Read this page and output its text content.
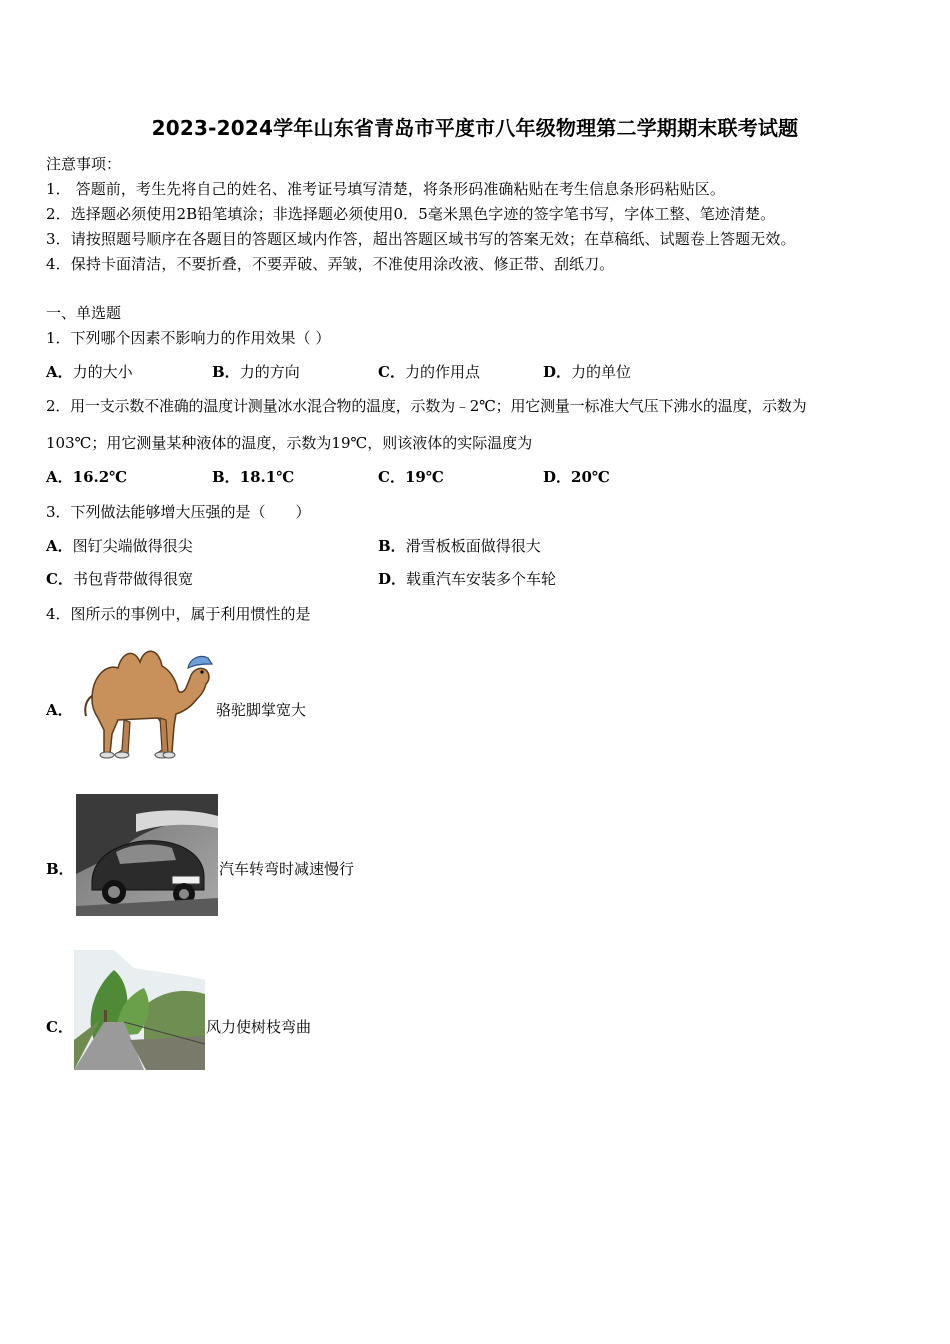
2023-2024学年山东省青岛市平度市八年级物理第二学期期末联考试题
注意事项：
1． 答题前，考生先将自己的姓名、准考证号填写清楚，将条形码准确粘贴在考生信息条形码粘贴区。
2．选择题必须使用2B铅笔填涂；非选择题必须使用0．5毫米黑色字迹的签字笔书写，字体工整、笔迹清楚。
3．请按照题号顺序在各题目的答题区域内作答，超出答题区域书写的答案无效；在草稿纸、试题卷上答题无效。
4．保持卡面清洁，不要折叠，不要弄破、弄皱，不准使用涂改液、修正带、刮纸刀。
一、单选题
1．下列哪个因素不影响力的作用效果（ ）
A．力的大小	B．力的方向	C．力的作用点	D．力的单位
2．用一支示数不准确的温度计测量冰水混合物的温度，示数为﹣2℃；用它测量一标准大气压下沸水的温度，示数为
103℃；用它测量某种液体的温度，示数为19℃，则该液体的实际温度为
A．16.2℃	B．18.1℃	C．19℃	D．20℃
3．下列做法能够增大压强的是（　　）
A．图钉尖端做得很尖	B．滑雪板板面做得很大
C．书包背带做得很宽	D．载重汽车安装多个车轮
4．图所示的事例中，属于利用惯性的是
A．	骆驼脚掌宽大
B．	汽车转弯时减速慢行
C．	风力使树枝弯曲
